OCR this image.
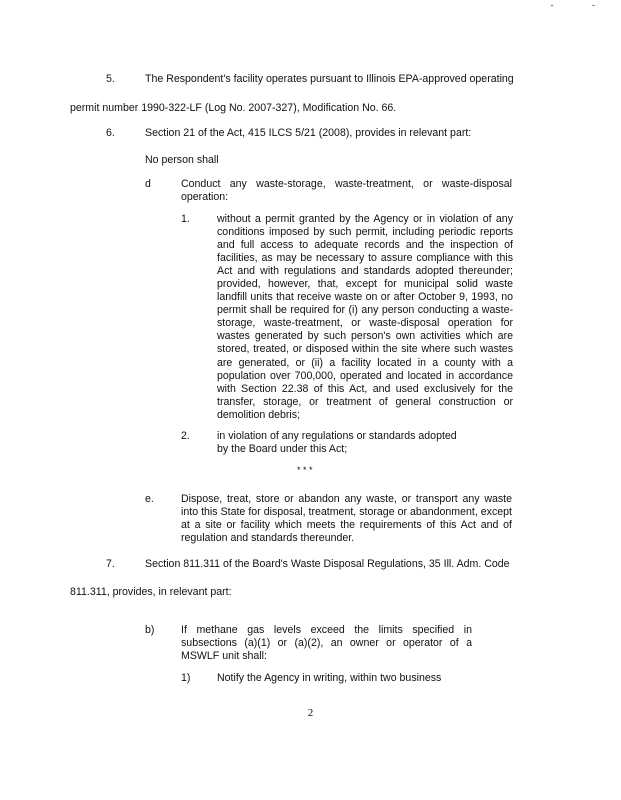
- -
5.	The Respondent's facility operates pursuant to Illinois EPA-approved operating
permit number 1990-322-LF (Log No. 2007-327), Modification No. 66.
6.	Section 21 of the Act, 415 ILCS 5/21 (2008), provides in relevant part:
No person shall
d	Conduct any waste-storage, waste-treatment, or waste-disposal operation:
1.	without a permit granted by the Agency or in violation of any conditions imposed by such permit, including periodic reports and full access to adequate records and the inspection of facilities, as may be necessary to assure compliance with this Act and with regulations and standards adopted thereunder; provided, however, that, except for municipal solid waste landfill units that receive waste on or after October 9, 1993, no permit shall be required for (i) any person conducting a waste-storage, waste-treatment, or waste-disposal operation for wastes generated by such person's own activities which are stored, treated, or disposed within the site where such wastes are generated, or (ii) a facility located in a county with a population over 700,000, operated and located in accordance with Section 22.38 of this Act, and used exclusively for the transfer, storage, or treatment of general construction or demolition debris;
2.	in violation of any regulations or standards adopted
by the Board under this Act;
* * *
e.	Dispose, treat, store or abandon any waste, or transport any waste into this State for disposal, treatment, storage or abandonment, except at a site or facility which meets the requirements of this Act and of regulation and standards thereunder.
7.	Section 811.311 of the Board's Waste Disposal Regulations, 35 Ill. Adm. Code
811.311, provides, in relevant part:
b)	If methane gas levels exceed the limits specified in subsections (a)(1) or (a)(2), an owner or operator of a MSWLF unit shall:
1)	Notify the Agency in writing, within two business
2
